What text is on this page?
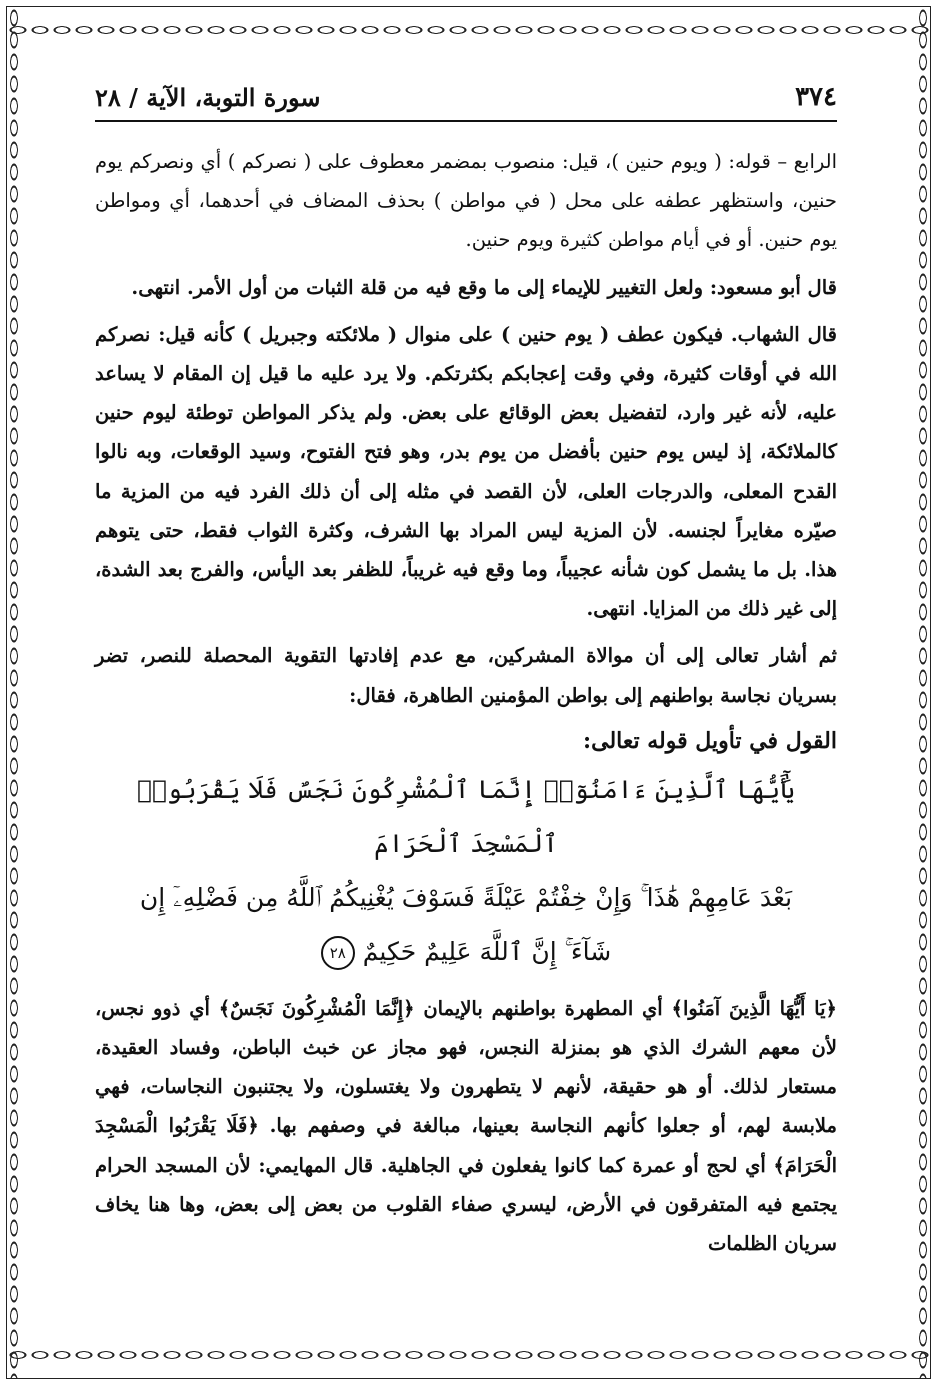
٣٧٤
سورة التوبة، الآية / ٢٨

الرابع – قوله: ( ويوم حنين )، قيل: منصوب بمضمر معطوف على ( نصركم ) أي ونصركم يوم حنين، واستظهر عطفه على محل ( في مواطن ) بحذف المضاف في أحدهما، أي ومواطن يوم حنين. أو في أيام مواطن كثيرة ويوم حنين.

قال أبو مسعود: ولعل التغيير للإيماء إلى ما وقع فيه من قلة الثبات من أول الأمر. انتهى.

قال الشهاب. فيكون عطف ( يوم حنين ) على منوال ( ملائكته وجبريل ) كأنه قيل: نصركم الله في أوقات كثيرة، وفي وقت إعجابكم بكثرتكم. ولا يرد عليه ما قيل إن المقام لا يساعد عليه، لأنه غير وارد، لتفضيل بعض الوقائع على بعض. ولم يذكر المواطن توطئة ليوم حنين كالملائكة، إذ ليس يوم حنين بأفضل من يوم بدر، وهو فتح الفتوح، وسيد الوقعات، وبه نالوا القدح المعلى، والدرجات العلى، لأن القصد في مثله إلى أن ذلك الفرد فيه من المزية ما صيّره مغايراً لجنسه. لأن المزية ليس المراد بها الشرف، وكثرة الثواب فقط، حتى يتوهم هذا. بل ما يشمل كون شأنه عجيباً، وما وقع فيه غريباً، للظفر بعد اليأس، والفرج بعد الشدة، إلى غير ذلك من المزايا. انتهى.

ثم أشار تعالى إلى أن موالاة المشركين، مع عدم إفادتها التقوية المحصلة للنصر، تضر بسريان نجاسة بواطنهم إلى بواطن المؤمنين الطاهرة، فقال:

القول في تأويل قوله تعالى:
يَٰٓأَيُّهَا ٱلَّذِينَ ءَامَنُوٓا۟ إِنَّمَا ٱلْمُشْرِكُونَ نَجَسٌ فَلَا يَقْرَبُوا۟ ٱلْمَسْجِدَ ٱلْحَرَامَ
بَعْدَ عَامِهِمْ هَٰذَا ۚ وَإِنْ خِفْتُمْ عَيْلَةً فَسَوْفَ يُغْنِيكُمُ ٱللَّهُ مِن فَضْلِهِۦٓ إِن
شَآءَ ۚ إِنَّ ٱللَّهَ عَلِيمٌ حَكِيمٌ٢٨

﴿يَا أَيُّهَا الَّذِينَ آمَنُوا﴾ أي المطهرة بواطنهم بالإيمان ﴿إِنَّمَا الْمُشْرِكُونَ نَجَسٌ﴾ أي ذوو نجس، لأن معهم الشرك الذي هو بمنزلة النجس، فهو مجاز عن خبث الباطن، وفساد العقيدة، مستعار لذلك. أو هو حقيقة، لأنهم لا يتطهرون ولا يغتسلون، ولا يجتنبون النجاسات، فهي ملابسة لهم، أو جعلوا كأنهم النجاسة بعينها، مبالغة في وصفهم بها. ﴿فَلَا يَقْرَبُوا الْمَسْجِدَ الْحَرَامَ﴾ أي لحج أو عمرة كما كانوا يفعلون في الجاهلية. قال المهايمي: لأن المسجد الحرام يجتمع فيه المتفرقون في الأرض، ليسري صفاء القلوب من بعض إلى بعض، وها هنا يخاف سريان الظلمات
